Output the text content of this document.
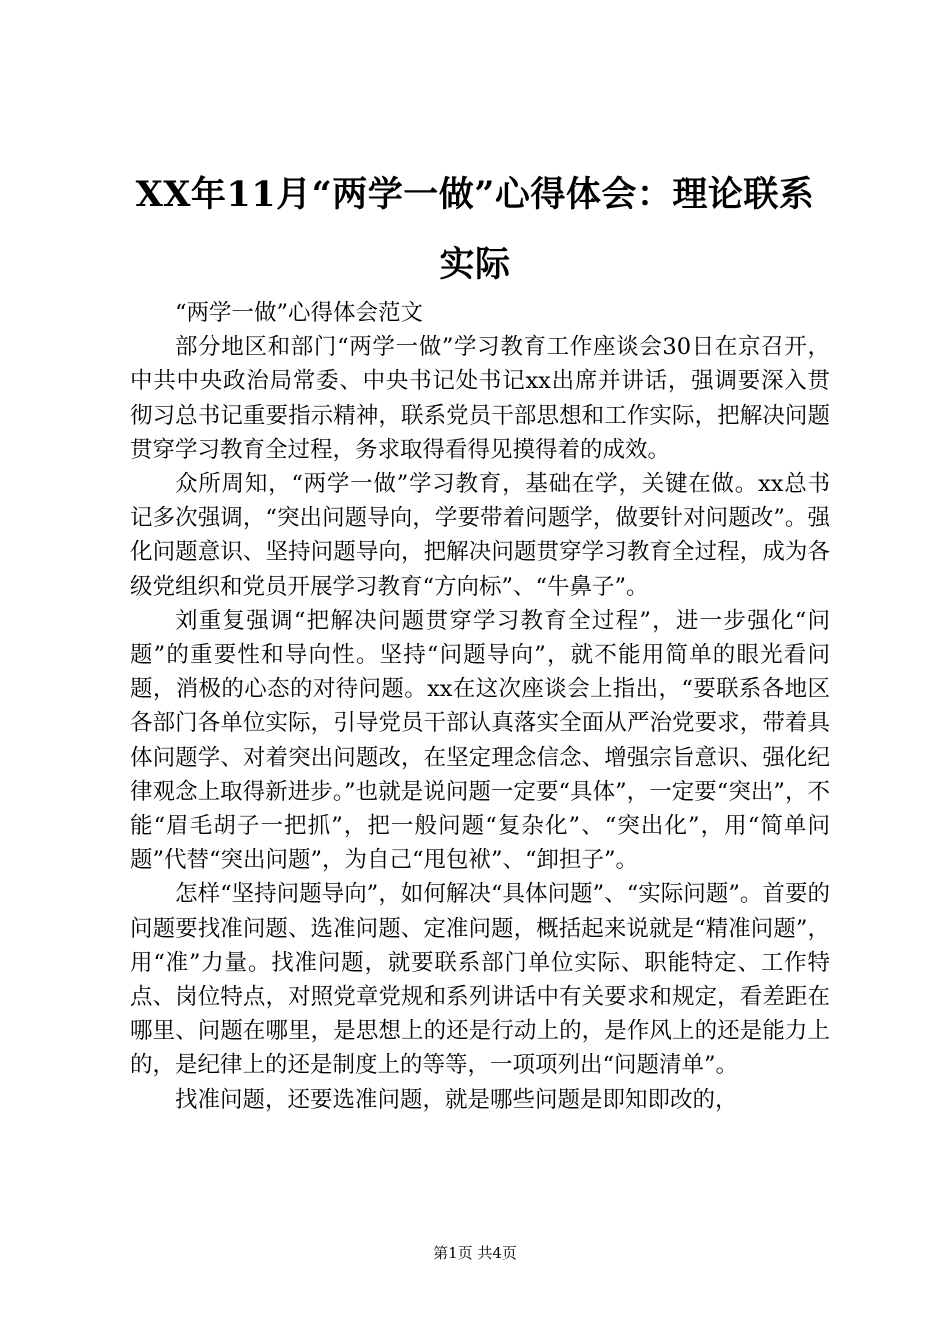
XX年11月“两学一做”心得体会：理论联系实际

“两学一做”心得体会范文

部分地区和部门“两学一做”学习教育工作座谈会30日在京召开，中共中央政治局常委、中央书记处书记xx出席并讲话，强调要深入贯彻习总书记重要指示精神，联系党员干部思想和工作实际，把解决问题贯穿学习教育全过程，务求取得看得见摸得着的成效。

众所周知，“两学一做”学习教育，基础在学，关键在做。xx总书记多次强调，“突出问题导向，学要带着问题学，做要针对问题改”。强化问题意识、坚持问题导向，把解决问题贯穿学习教育全过程，成为各级党组织和党员开展学习教育“方向标”、“牛鼻子”。

刘重复强调“把解决问题贯穿学习教育全过程”，进一步强化“问题”的重要性和导向性。坚持“问题导向”，就不能用简单的眼光看问题，消极的心态的对待问题。xx在这次座谈会上指出，“要联系各地区各部门各单位实际，引导党员干部认真落实全面从严治党要求，带着具体问题学、对着突出问题改，在坚定理念信念、增强宗旨意识、强化纪律观念上取得新进步。”也就是说问题一定要“具体”，一定要“突出”，不能“眉毛胡子一把抓”，把一般问题“复杂化”、“突出化”，用“简单问题”代替“突出问题”，为自己“甩包袱”、“卸担子”。

怎样“坚持问题导向”，如何解决“具体问题”、“实际问题”。首要的问题要找准问题、选准问题、定准问题，概括起来说就是“精准问题”，用“准”力量。找准问题，就要联系部门单位实际、职能特定、工作特点、岗位特点，对照党章党规和系列讲话中有关要求和规定，看差距在哪里、问题在哪里，是思想上的还是行动上的，是作风上的还是能力上的，是纪律上的还是制度上的等等，一项项列出“问题清单”。

找准问题，还要选准问题，就是哪些问题是即知即改的，

第1页 共4页
